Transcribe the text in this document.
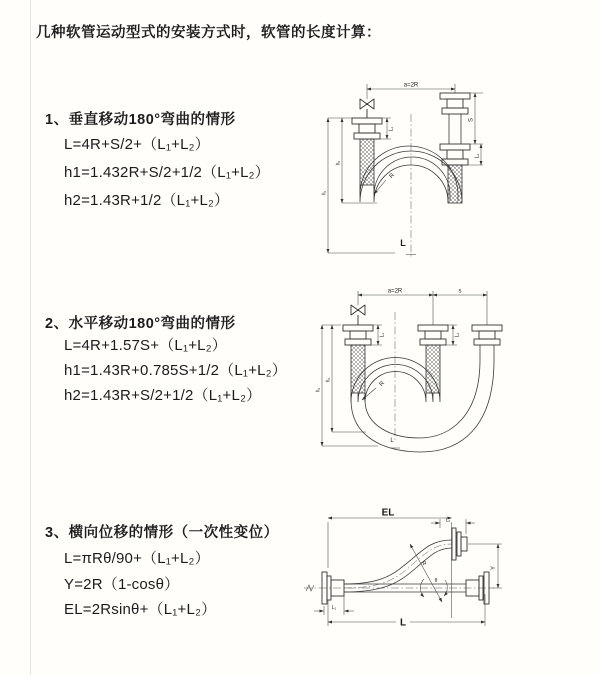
几种软管运动型式的安装方式时，软管的长度计算：
1、垂直移动180°弯曲的情形
L=4R+S/2+（L₁+L₂）
h1=1.432R+S/2+1/2（L₁+L₂）
h2=1.43R+1/2（L₁+L₂）
a=2R
h₁
h₂
L₁
S
L₂
R
L
2、水平移动180°弯曲的情形
L=4R+1.57S+（L₁+L₂）
h1=1.43R+0.785S+1/2（L₁+L₂）
h2=1.43R+S/2+1/2（L₁+L₂）
a=2R	s
h₁
h₂
L₁	L₂
R
L
3、横向位移的情形（一次性变位）
L=πRθ/90+（L₁+L₂）
Y=2R（1-cosθ）
EL=2Rsinθ+（L₁+L₂）
EL
L₂
Y
R
θ
L₁
L
